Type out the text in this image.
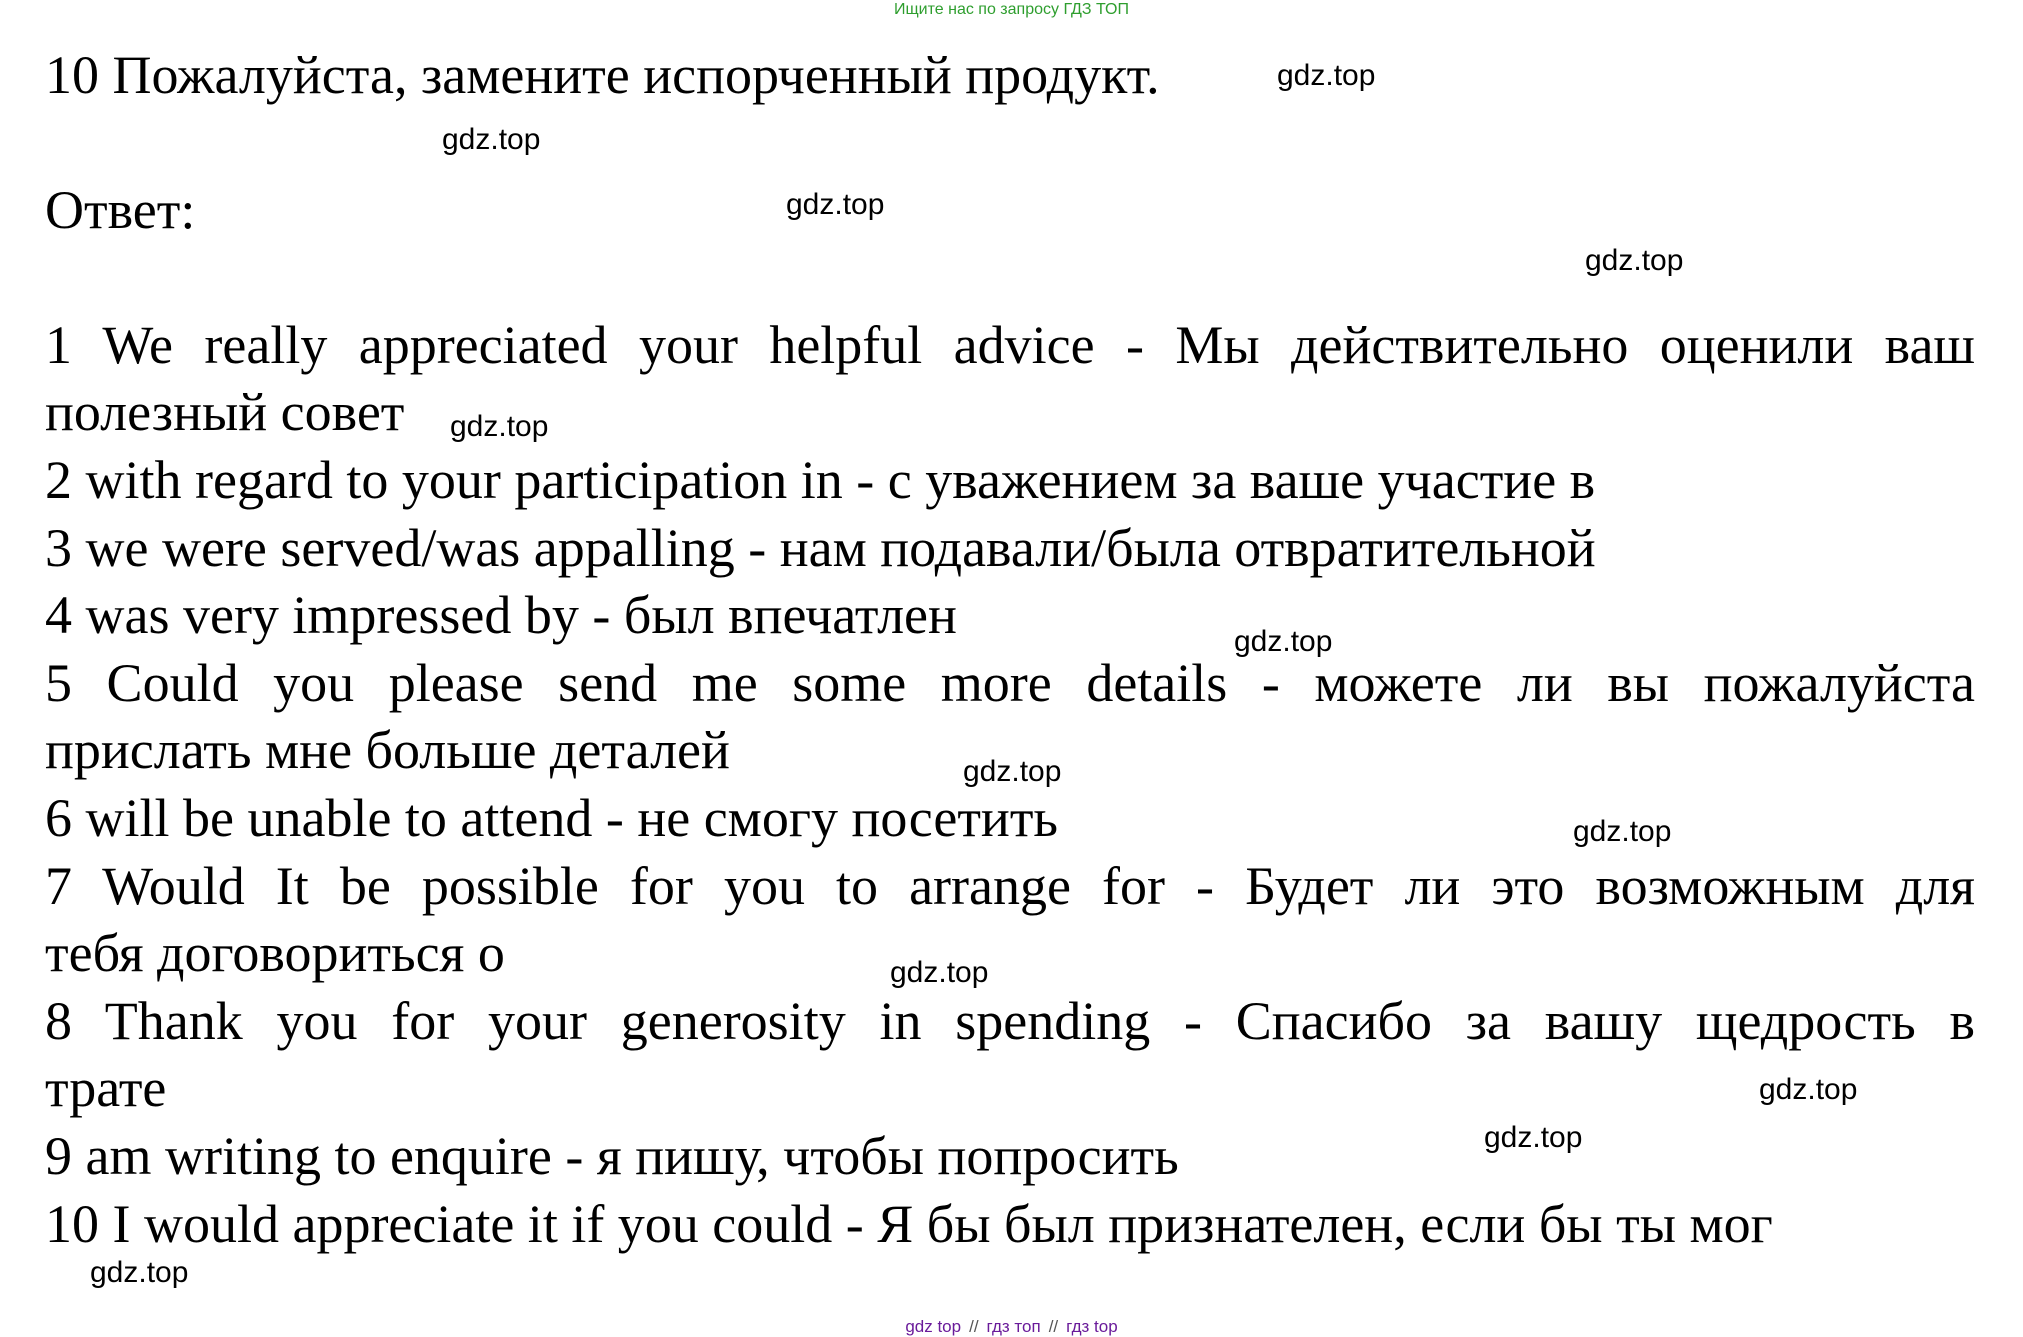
Ищите нас по запросу ГДЗ ТОП
10 Пожалуйста, замените испорченный продукт.
Ответ:
1 We really appreciated your helpful advice - Мы действительно оценили ваш
полезный совет
2 with regard to your participation in - с уважением за ваше участие в
3 we were served/was appalling - нам подавали/была отвратительной
4 was very impressed by - был впечатлен
5 Could you please send me some more details - можете ли вы пожалуйста
прислать мне больше деталей
6 will be unable to attend - не смогу посетить
7 Would It be possible for you to arrange for - Будет ли это возможным для
тебя договориться о
8 Thank you for your generosity in spending - Спасибо за вашу щедрость в
трате
9 am writing to enquire - я пишу, чтобы попросить
10 I would appreciate it if you could - Я бы был признателен, если бы ты мог
gdz.top
gdz.top
gdz.top
gdz.top
gdz.top
gdz.top
gdz.top
gdz.top
gdz.top
gdz.top
gdz.top
gdz.top
gdz top // гдз топ // гдз top
